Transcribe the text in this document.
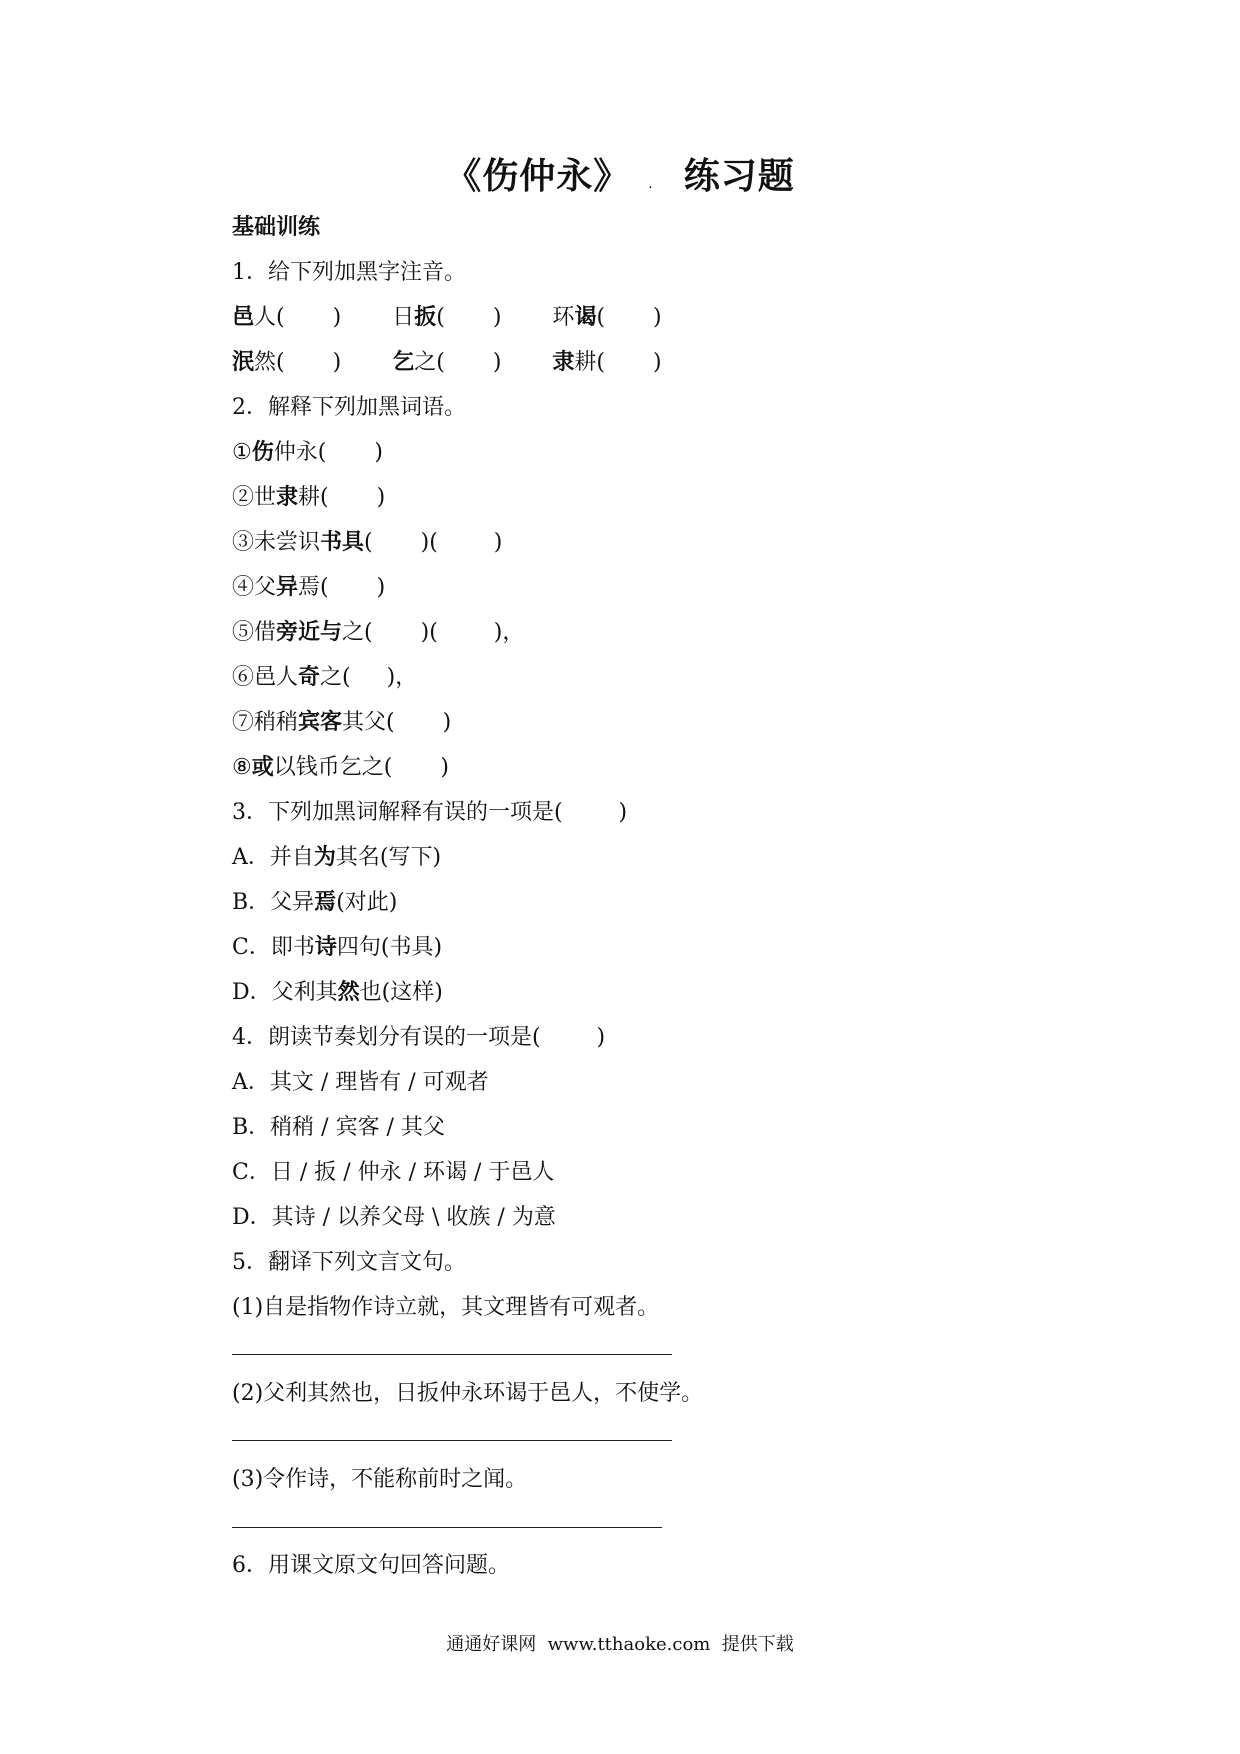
《伤仲永》 . 练习题
基础训练
1．给下列加黑字注音。
邑人( ) 日扳( ) 环谒( )
泯然( ) 乞之( ) 隶耕( )
2．解释下列加黑词语。
①伤仲永( )
②世隶耕( )
③未尝识书具( )(        )
④父异焉( )
⑤借旁近与之( )(        )，
⑥邑人奇之( )，
⑦稍稍宾客其父( )
⑧或以钱币乞之( )
3．下列加黑词解释有误的一项是(        )
A．并自为其名(写下)
B．父异焉(对此)
C．即书诗四句(书具)
D．父利其然也(这样)
4．朗读节奏划分有误的一项是(        )
A．其文 / 理皆有 / 可观者
B．稍稍 / 宾客 / 其父
C．日 / 扳 / 仲永 / 环谒 / 于邑人
D．其诗 / 以养父母 \ 收族 / 为意
5．翻译下列文言文句。
(1)自是指物作诗立就，其文理皆有可观者。
(2)父利其然也，日扳仲永环谒于邑人，不使学。
(3)令作诗，不能称前时之闻。
6．用课文原文句回答问题。
通通好课网  www.tthaoke.com  提供下载
